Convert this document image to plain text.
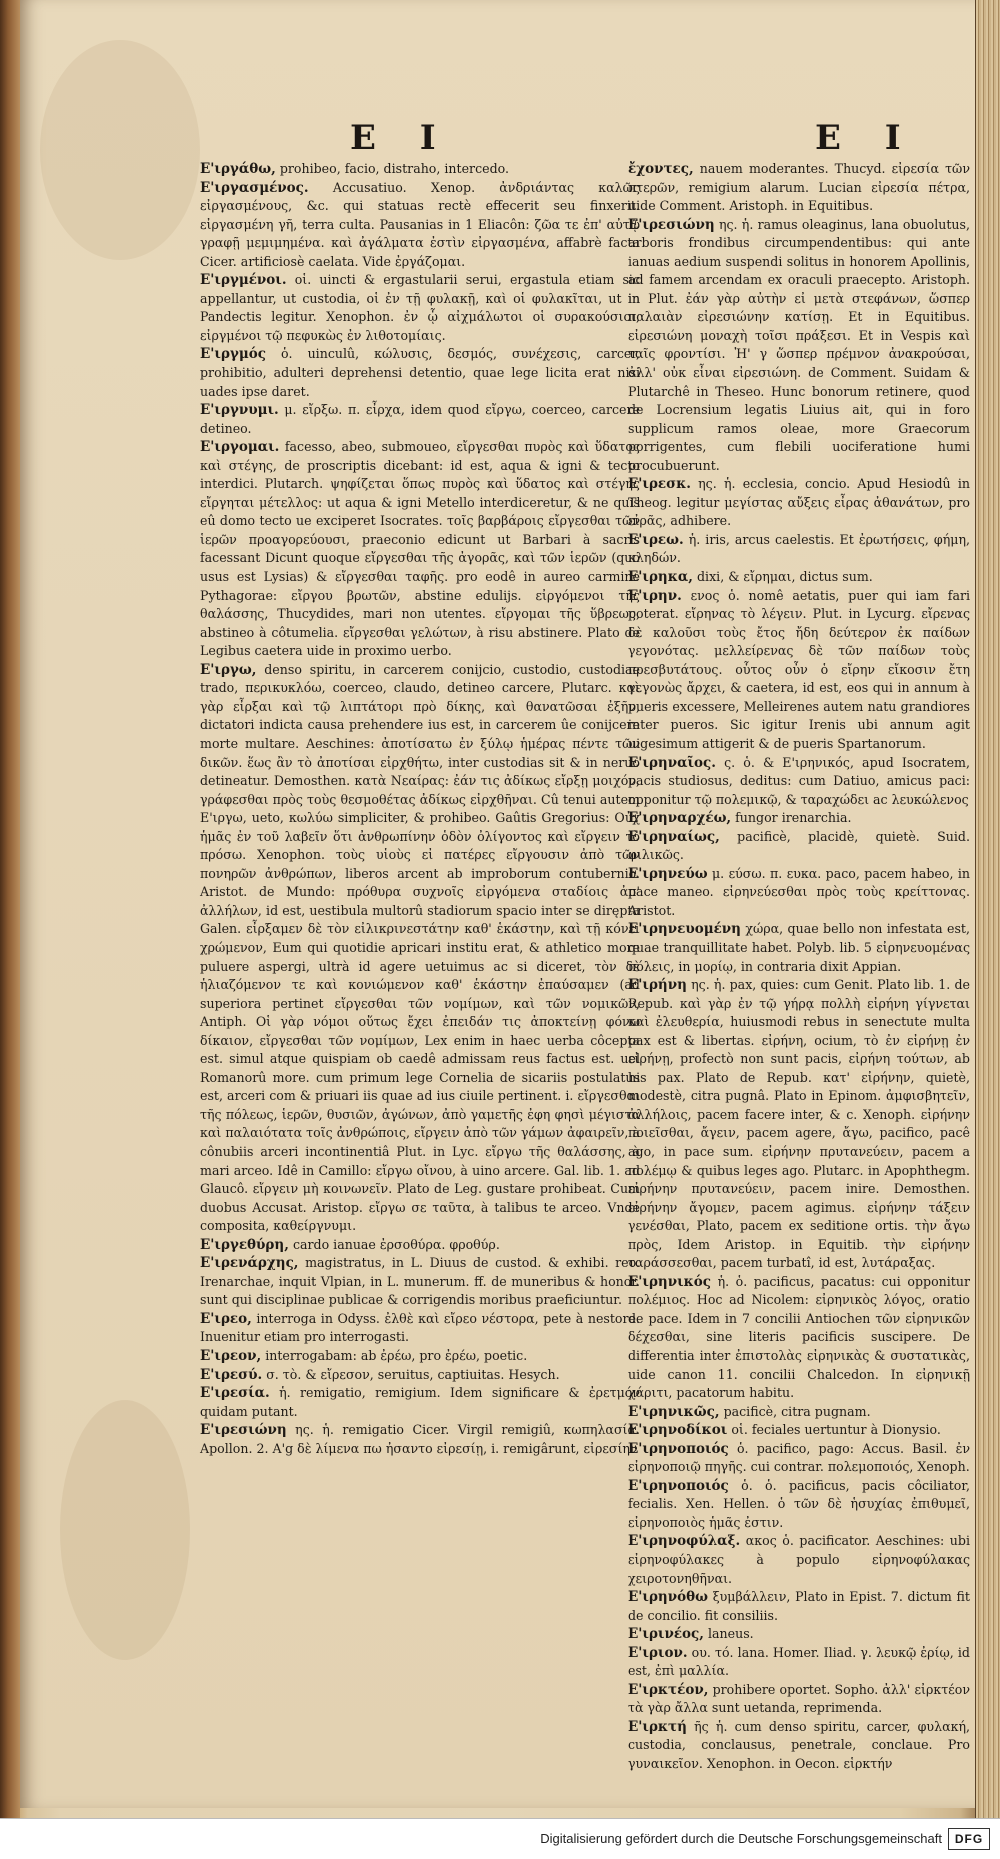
E I	E I

Ε'ιργάθω, prohibeo, facio, distraho, intercedo.

Ε'ιργασμένος. Accusatiuo. Xenop. ἀνδριάντας καλῶς εἰργασμένους, &c. qui statuas rectè effecerit seu finxerit. εἰργασμένη γῆ, terra culta. Pausanias in 1 Eliacôn: ζῶα τε ἐπ' αὐτῷ γραφῇ μεμιμημένα. καὶ ἀγάλματα ἐστὶν εἰργασμένα, affabrè facta Cicer. artificiosè caelata. Vide ἐργάζομαι.

Ε'ιργμένοι. οἱ. uincti & ergastularii serui, ergastula etiam sic appellantur, ut custodia, οἱ ἐν τῇ φυλακῇ, καὶ οἱ φυλακῖται, ut in Pandectis legitur. Xenophon. ἐν ᾧ αἰχμάλωτοι οἱ συρακούσιοι, εἰργμένοι τῷ πεφυκὼς ἐν λιθοτομίαις.

Ε'ιργμός ὁ. uinculû, κώλυσις, δεσμός, συνέχεσις, carcer, prohibitio, adulteri deprehensi detentio, quae lege licita erat nisi uades ipse daret.

Ε'ιργνυμι. μ. εἴρξω. π. εἶρχα, idem quod εἴργω, coerceo, carcere detineo.

Ε'ιργομαι. facesso, abeo, submoueo, εἴργεσθαι πυρὸς καὶ ὕδατος καὶ στέγης, de proscriptis dicebant: id est, aqua & igni & tecto interdici. Plutarch. ψηφίζεται ὅπως πυρὸς καὶ ὕδατος καὶ στέγης εἴργηται μέτελλος: ut aqua & igni Metello interdiceretur, & ne quis eû domo tecto ue exciperet Isocrates. τοῖς βαρβάροις εἴργεσθαι τῶν ἱερῶν προαγορεύουσι, praeconio edicunt ut Barbari à sacris facessant Dicunt quoque εἴργεσθαι τῆς ἀγορᾶς, καὶ τῶν ἱερῶν (quo usus est Lysias) & εἴργεσθαι ταφῆς. pro eodê in aureo carmine Pythagorae: εἴργου βρωτῶν, abstine edulijs. εἰργόμενοι τῆς θαλάσσης, Thucydides, mari non utentes. εἴργομαι τῆς ὕβρεως, abstineo à côtumelia. εἴργεσθαι γελώτων, à risu abstinere. Plato de Legibus caetera uide in proximo uerbo.

Ε'ιργω, denso spiritu, in carcerem conijcio, custodio, custodiae trado, περικυκλόω, coerceo, claudo, detineo carcere, Plutarc. καὶ γὰρ εἶρξαι καὶ τῷ λιπτάτορι πρὸ δίκης, καὶ θανατῶσαι ἐξῆν, dictatori indicta causa prehendere ius est, in carcerem ûe conijcere morte multare. Aeschines: ἀποτίσατω ἐν ξύλῳ ἡμέρας πέντε τῶν δικῶν. ἕως ἂν τὸ ἀποτίσαι εἰρχθήτω, inter custodias sit & in neruo detineatur. Demosthen. κατὰ Νεαίρας: ἐάν τις ἀδίκως εἴρξῃ μοιχόν, γράφεσθαι πρὸς τοὺς θεσμοθέτας ἀδίκως εἰρχθῆναι. Cû tenui autem Ε'ιργω, ueto, κωλύω simpliciter, & prohibeo. Gaûtis Gregorius: Οὐχ ἡμᾶς ἐν τοῦ λαβεῖν ὅτι ἀνθρωπίνην ὁδὸν ὀλίγοντος καὶ εἴργειν τὸ πρόσω. Xenophon. τοὺς υἱοὺς εἰ πατέρες εἴργουσιν ἀπὸ τῶν πονηρῶν ἀνθρώπων, liberos arcent ab improborum contubernio. Aristot. de Mundo: πρόθυρα συχνοῖς εἰργόμενα σταδίοις ἀπ' ἀλλήλων, id est, uestibula multorû stadiorum spacio inter se dirępta Galen. εἶρξαμεν δὲ τὸν εἰλικρινεστάτην καθ' ἑκάστην, καὶ τῇ κόνει χρώμενον, Eum qui quotidie apricari institu erat, & athletico more puluere aspergi, ultrà id agere uetuimus ac si diceret, τὸν δὲ ἡλιαζόμενον τε καὶ κονιώμενον καθ' ἑκάστην ἐπαύσαμεν (ad superiora pertinet εἴργεσθαι τῶν νομίμων, καὶ τῶν νομικῶν, Antiph. Οἱ γὰρ νόμοι οὕτως ἔχει ἐπειδάν τις ἀποκτείνῃ φόνω δίκαιον, εἴργεσθαι τῶν νομίμων, Lex enim in haec uerba côcepta est. simul atque quispiam ob caedê admissam reus factus est. uel Romanorû more. cum primum lege Cornelia de sicariis postulatus est, arceri com & priuari iis quae ad ius ciuile pertinent. i. εἴργεσθαι τῆς πόλεως, ἱερῶν, θυσιῶν, ἀγώνων, ἀπὸ γαμετῆς ἐφη φησὶ μέγιστα καὶ παλαιότατα τοῖς ἀνθρώποις, εἴργειν ἀπὸ τῶν γάμων ἀφαιρεῖν, à cônubiis arceri incontinentiâ Plut. in Lyc. εἴργω τῆς θαλάσσης, à mari arceo. Idê in Camillo: εἴργω οἴνου, à uino arcere. Gal. lib. 1. ad Glaucô. εἴργειν μὴ κοινωνεῖν. Plato de Leg. gustare prohibeat. Cum duobus Accusat. Aristop. εἴργω σε ταῦτα, à talibus te arceo. Vnde composita, καθείργνυμι.

Ε'ιργεθύρη, cardo ianuae ἐρσοθύρα. φροθύρ.

Ε'ιρενάρχης, magistratus, in L. Diuus de custod. & exhibi. reo. Irenarchae, inquit Vlpian, in L. munerum. ff. de muneribus & honor. sunt qui disciplinae publicae & corrigendis moribus praeficiuntur.

Ε'ιρεο, interroga in Odyss. ἐλθὲ καὶ εἴρεο νέστορα, pete à nestore. Inuenitur etiam pro interrogasti.

Ε'ιρεον, interrogabam: ab ἐρέω, pro ἐρέω, poetic.

Ε'ιρεσύ. σ. τὸ. & εἴρεσον, seruitus, captiuitas. Hesych.

Ε'ιρεσία. ἡ. remigatio, remigium. Idem significare & ἐρετμόν quidam putant.

Ε'ιρεσιώνη ης. ἡ. remigatio Cicer. Virgil remigiû, κωπηλασία. Apollon. 2. A'g δὲ λίμενα πω ἠσαντο εἰρεσίῃ, i. remigârunt, εἰρεσίην

ἔχοντες, nauem moderantes. Thucyd. εἰρεσία τῶν πτερῶν, remigium alarum. Lucian εἰρεσία πέτρα, uide Comment. Aristoph. in Equitibus.

Ε'ιρεσιώνη ης. ἡ. ramus oleaginus, lana obuolutus, arboris frondibus circumpendentibus: qui ante ianuas aedium suspendi solitus in honorem Apollinis, ad famem arcendam ex oraculi praecepto. Aristoph. in Plut. ἐάν γὰρ αὐτὴν εἰ μετὰ στεφάνων, ὥσπερ παλαιὰν εἰρεσιώνην κατίσῃ. Et in Equitibus. εἰρεσιώνη μοναχὴ τοῖσι πράξεσι. Et in Vespis καὶ ταῖς φροντίσι. Ἠ' γ ὥσπερ πρέμνον ἀνακρούσαι, ἀλλ' οὐκ εἶναι εἰρεσιώνη. de Comment. Suidam & Plutarchê in Theseo. Hunc bonorum retinere, quod de Locrensium legatis Liuius ait, qui in foro supplicum ramos oleae, more Graecorum porrigentes, cum flebili uociferatione humi procubuerunt.

Ε'ιρεσκ. ης. ἡ. ecclesia, concio. Apud Hesiodû in Theog. legitur μεγίστας αὔξεις εἶρας ἀθανάτων, pro εἰρᾶς, adhibere.

Ε'ιρεω. ἡ. iris, arcus caelestis. Et ἐρωτήσεις, φήμη, κληδών.

Ε'ιρηκα, dixi, & εἴρημαι, dictus sum.

Ε'ιρην. ενος ὁ. nomê aetatis, puer qui iam fari poterat. εἴρηνας τὸ λέγειν. Plut. in Lycurg. εἴρενας δὲ καλοῦσι τοὺς ἔτος ἤδη δεύτερον ἐκ παίδων γεγονότας. μελλείρενας δὲ τῶν παίδων τοὺς πρεσβυτάτους. οὗτος οὖν ὁ εἴρην εἴκοσιν ἔτη γεγονὼς ἄρχει, & caetera, id est, eos qui in annum à pueris excessere, Melleirenes autem natu grandiores inter pueros. Sic igitur Irenis ubi annum agit uigesimum attigerit & de pueris Spartanorum.

Ε'ιρηναῖος. ς. ὁ. & Ε'ιρηνικός, apud Isocratem, pacis studiosus, deditus: cum Datiuo, amicus paci: opponitur τῷ πολεμικῷ, & ταραχώδει ac λευκώλενος

Ε'ιρηναρχέω, fungor irenarchia.

Ε'ιρηναίως, pacificè, placidè, quietè. Suid. φιλικῶς.

Ε'ιρηνεύω μ. εύσω. π. ευκα. paco, pacem habeo, in pace maneo. εἰρηνεύεσθαι πρὸς τοὺς κρείττονας. Aristot.

Ε'ιρηνευομένη χώρα, quae bello non infestata est, quae tranquillitate habet. Polyb. lib. 5 εἰρηνευομένας πόλεις, in μορίῳ, in contraria dixit Appian.

Ε'ιρήνη ης. ἡ. pax, quies: cum Genit. Plato lib. 1. de Repub. καὶ γὰρ ἐν τῷ γήρᾳ πολλὴ εἰρήνη γίγνεται καὶ ἐλευθερία, huiusmodi rebus in senectute multa pax est & libertas. εἰρήνη, ocium, τὸ ἐν εἰρήνῃ ἐν εἰρήνῃ, profectò non sunt pacis, εἰρήνη τούτων, ab his pax. Plato de Repub. κατ' εἰρήνην, quietè, modestè, citra pugnâ. Plato in Epinom. ἀμφισβητεῖν, ἀλλήλοις, pacem facere inter, & c. Xenoph. εἰρήνην ποιεῖσθαι, ἄγειν, pacem agere, ἄγω, pacifico, pacê ago, in pace sum. εἰρήνην πρυτανεύειν, pacem a πολέμῳ & quibus leges ago. Plutarc. in Apophthegm. εἰρήνην πρυτανεύειν, pacem inire. Demosthen. εἰρήνην ἄγομεν, pacem agimus. εἰρήνην τάξειν γενέσθαι, Plato, pacem ex seditione ortis. τὴν ἄγω πρὸς, Idem Aristop. in Equitib. τὴν εἰρήνην ταράσσεσθαι, pacem turbatî, id est, λυτάραξας.

Ε'ιρηνικός ἡ. ὁ. pacificus, pacatus: cui opponitur πολέμιος. Hoc ad Nicolem: εἰρηνικὸς λόγος, oratio de pace. Idem in 7 concilii Antiochen τῶν εἰρηνικῶν δέχεσθαι, sine literis pacificis suscipere. De differentia inter ἐπιστολὰς εἰρηνικὰς & συστατικὰς, uide canon 11. concilii Chalcedon. In εἰρηνικῇ χάριτι, pacatorum habitu.

Ε'ιρηνικῶς, pacificè, citra pugnam.

Ε'ιρηνοδίκοι οἱ. feciales uertuntur à Dionysio.

Ε'ιρηνοποιός ὁ. pacifico, pago: Accus. Basil. ἐν εἰρηνοποιῷ πηγῆς. cui contrar. πολεμοποιός, Xenoph.

Ε'ιρηνοποιός ὁ. ὁ. pacificus, pacis côciliator, fecialis. Xen. Hellen. ὁ τῶν δὲ ἡσυχίας ἐπιθυμεῖ, εἰρηνοποιὸς ἡμᾶς ἐστιν.

Ε'ιρηνοφύλαξ. ακος ὁ. pacificator. Aeschines: ubi εἰρηνοφύλακες à populo εἰρηνοφύλακας χειροτονηθῆναι.

Ε'ιρηνόθω ξυμβάλλειν, Plato in Epist. 7. dictum fit de concilio. fit consiliis.

Ε'ιρινέος, laneus.

Ε'ιριον. ου. τό. lana. Homer. Iliad. γ. λευκῷ ἐρίῳ, id est, ἐπὶ μαλλία.

Ε'ιρκτέον, prohibere oportet. Sopho. ἀλλ' εἰρκτέον τὰ γὰρ ἄλλα sunt uetanda, reprimenda.

Ε'ιρκτή ῆς ἡ. cum denso spiritu, carcer, φυλακή, custodia, conclausus, penetrale, conclaue. Pro γυναικεῖον. Xenophon. in Oecon. εἱρκτήν

Digitalisierung gefördert durch die Deutsche Forschungsgemeinschaft	DFG
